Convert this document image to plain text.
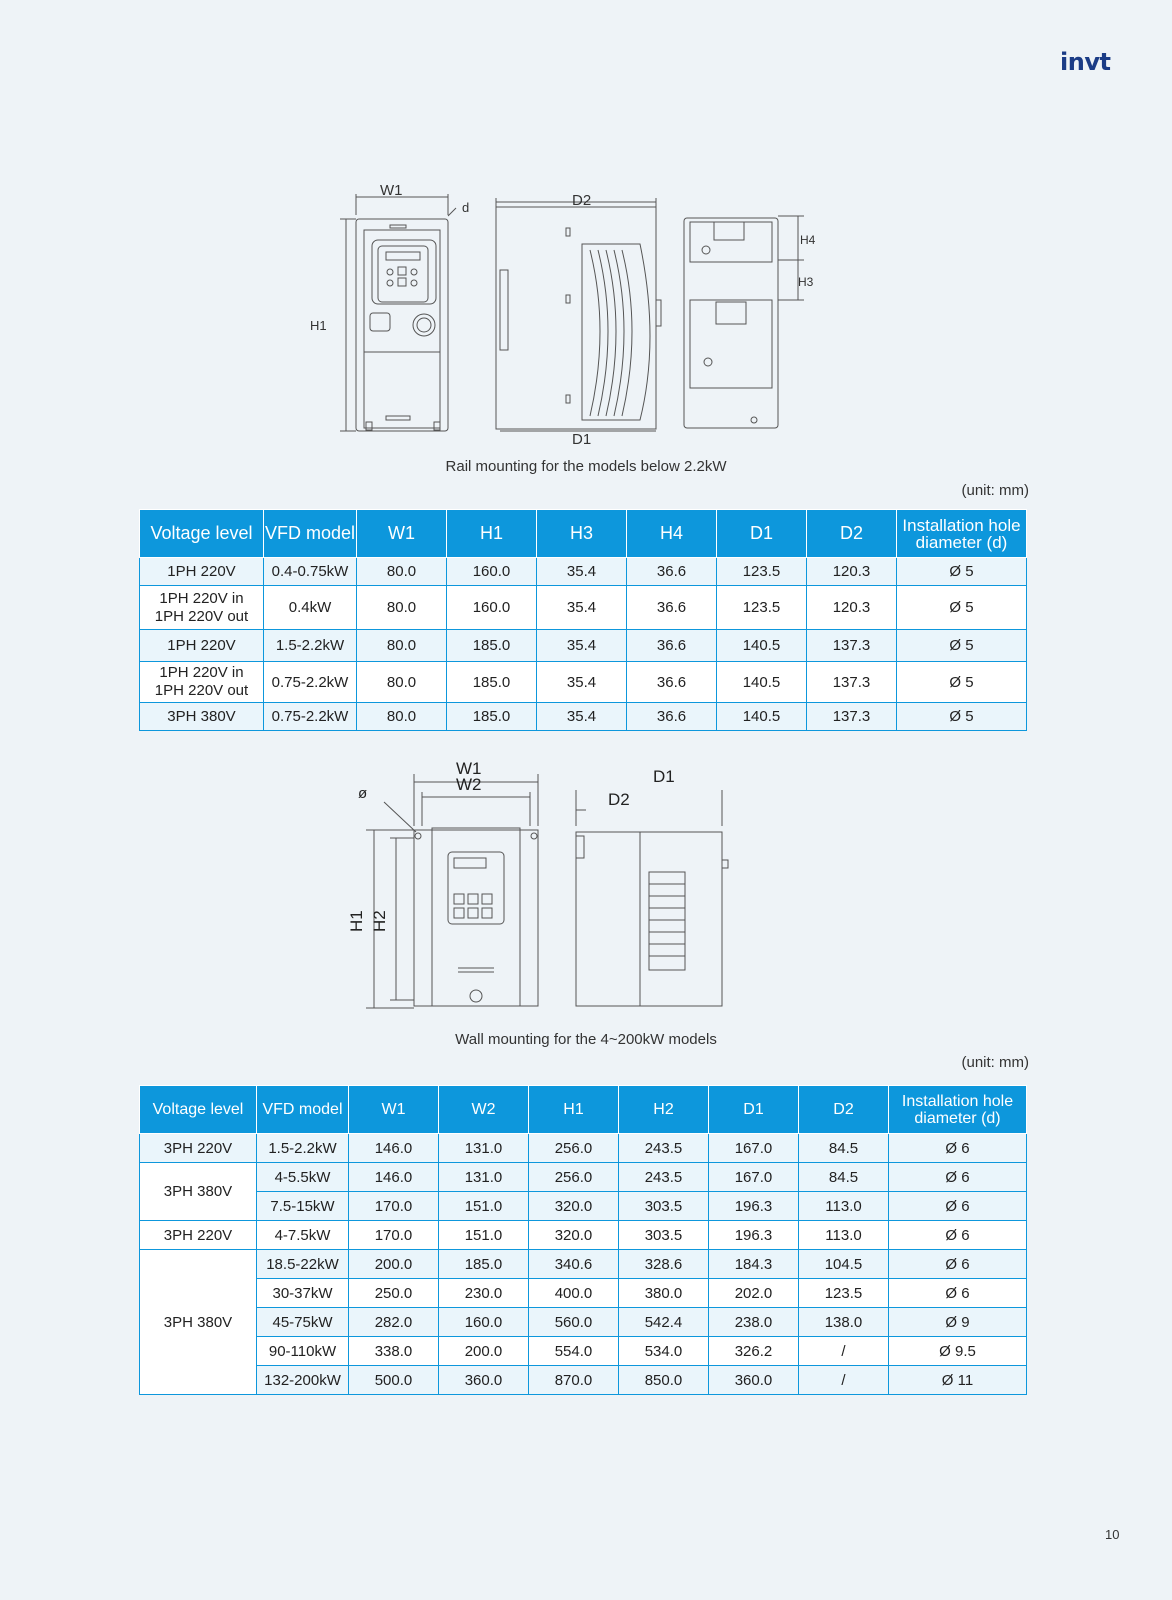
invt
W1
d
H1
D2
D1
H4
H3
Rail mounting for the models below 2.2kW
(unit: mm)
Voltage level	VFD model	W1	H1	H3	H4	D1	D2	Installation hole diameter (d)
1PH 220V	0.4-0.75kW	80.0	160.0	35.4	36.6	123.5	120.3	Ø 5
1PH 220V in 1PH 220V out	0.4kW	80.0	160.0	35.4	36.6	123.5	120.3	Ø 5
1PH 220V	1.5-2.2kW	80.0	185.0	35.4	36.6	140.5	137.3	Ø 5
1PH 220V in 1PH 220V out	0.75-2.2kW	80.0	185.0	35.4	36.6	140.5	137.3	Ø 5
3PH 380V	0.75-2.2kW	80.0	185.0	35.4	36.6	140.5	137.3	Ø 5
W1
W2
ø
H1 H2
D1
D2
Wall mounting for the 4~200kW models
(unit: mm)
Voltage level	VFD model	W1	W2	H1	H2	D1	D2	Installation hole diameter (d)
3PH 220V	1.5-2.2kW	146.0	131.0	256.0	243.5	167.0	84.5	Ø 6
3PH 380V	4-5.5kW	146.0	131.0	256.0	243.5	167.0	84.5	Ø 6
	7.5-15kW	170.0	151.0	320.0	303.5	196.3	113.0	Ø 6
3PH 220V	4-7.5kW	170.0	151.0	320.0	303.5	196.3	113.0	Ø 6
3PH 380V	18.5-22kW	200.0	185.0	340.6	328.6	184.3	104.5	Ø 6
	30-37kW	250.0	230.0	400.0	380.0	202.0	123.5	Ø 6
	45-75kW	282.0	160.0	560.0	542.4	238.0	138.0	Ø 9
	90-110kW	338.0	200.0	554.0	534.0	326.2	/	Ø 9.5
	132-200kW	500.0	360.0	870.0	850.0	360.0	/	Ø 11
10
